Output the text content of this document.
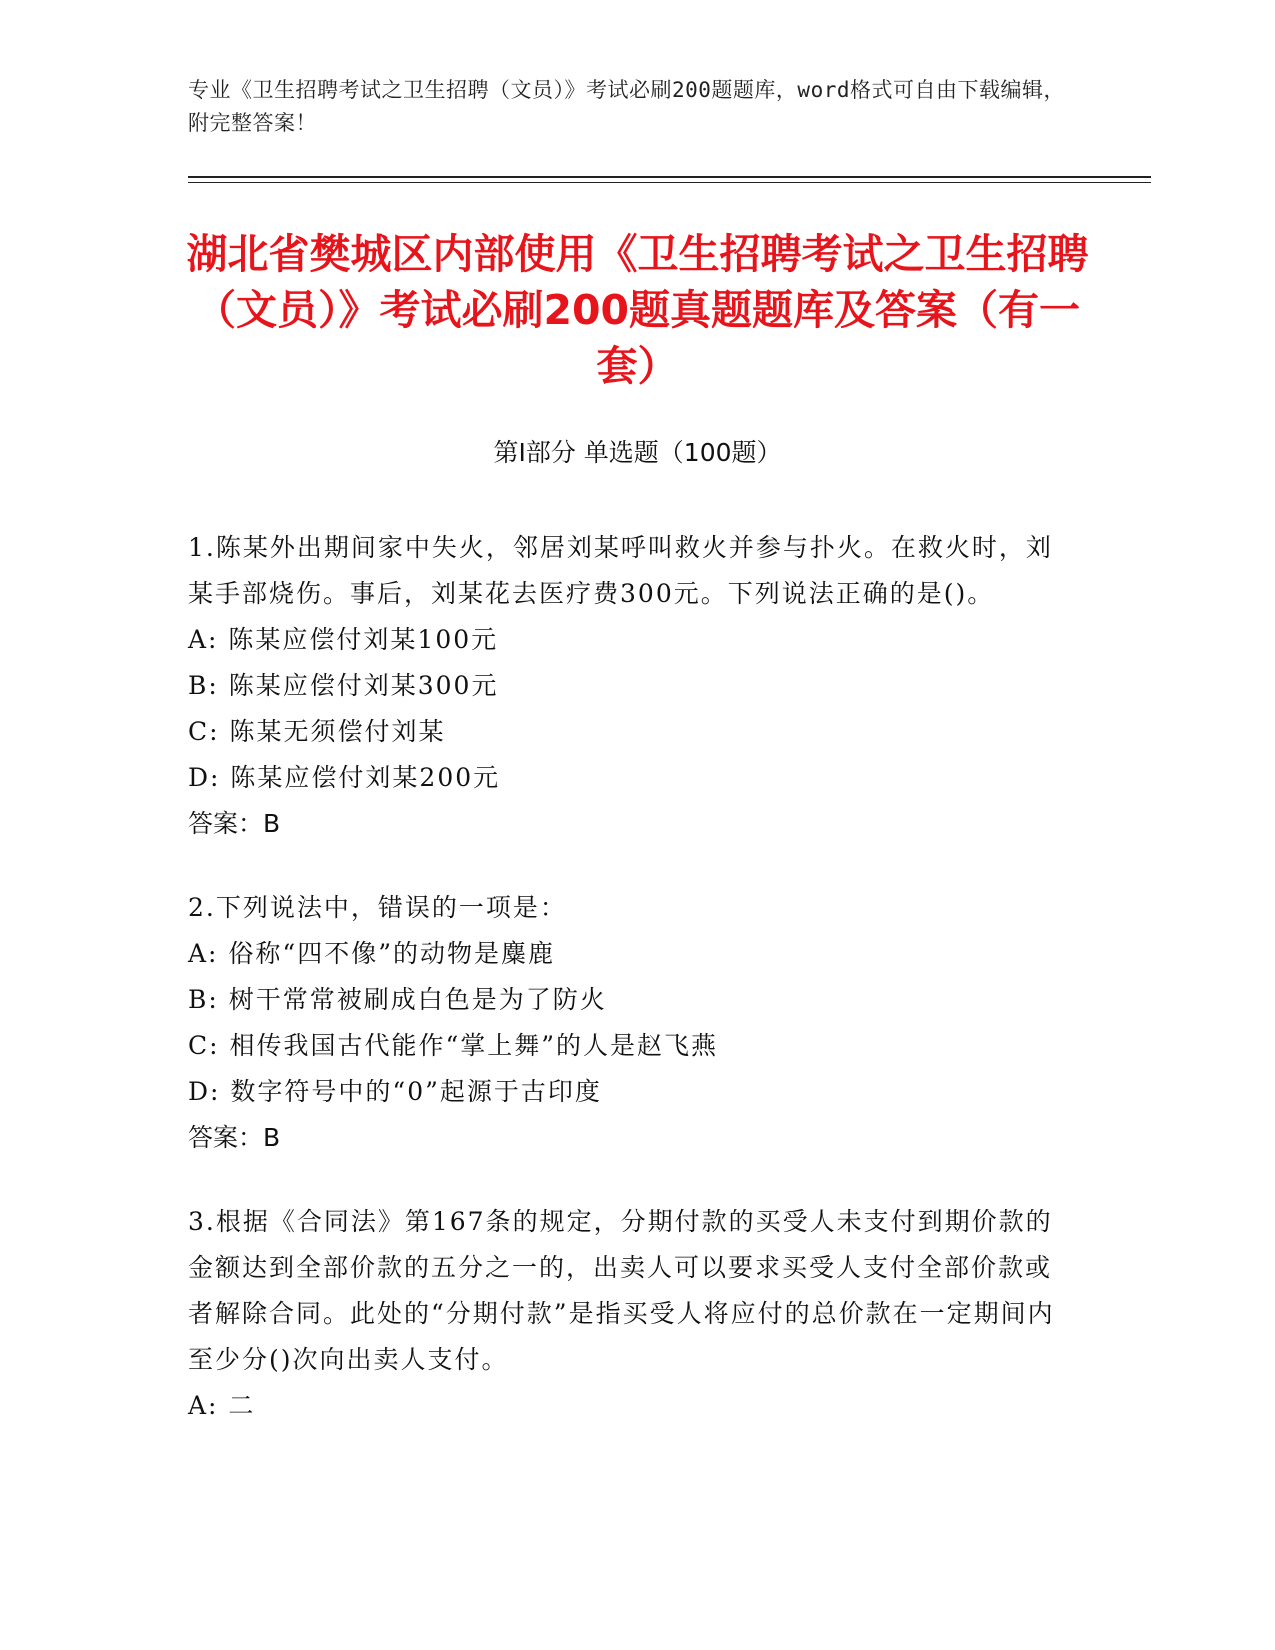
专业《卫生招聘考试之卫生招聘（文员）》考试必刷200题题库，word格式可自由下载编辑，附完整答案！
湖北省樊城区内部使用《卫生招聘考试之卫生招聘（文员）》考试必刷200题真题题库及答案（有一套）
第Ⅰ部分 单选题（100题）

1.陈某外出期间家中失火，邻居刘某呼叫救火并参与扑火。在救火时，刘某手部烧伤。事后，刘某花去医疗费300元。下列说法正确的是()。

A: 陈某应偿付刘某100元

B: 陈某应偿付刘某300元

C: 陈某无须偿付刘某

D: 陈某应偿付刘某200元

答案：B

2.下列说法中，错误的一项是：

A: 俗称“四不像”的动物是麋鹿

B: 树干常常被刷成白色是为了防火

C: 相传我国古代能作“掌上舞”的人是赵飞燕

D: 数字符号中的“0”起源于古印度

答案：B

3.根据《合同法》第167条的规定，分期付款的买受人未支付到期价款的金额达到全部价款的五分之一的，出卖人可以要求买受人支付全部价款或者解除合同。此处的“分期付款”是指买受人将应付的总价款在一定期间内至少分()次向出卖人支付。

A: 二
